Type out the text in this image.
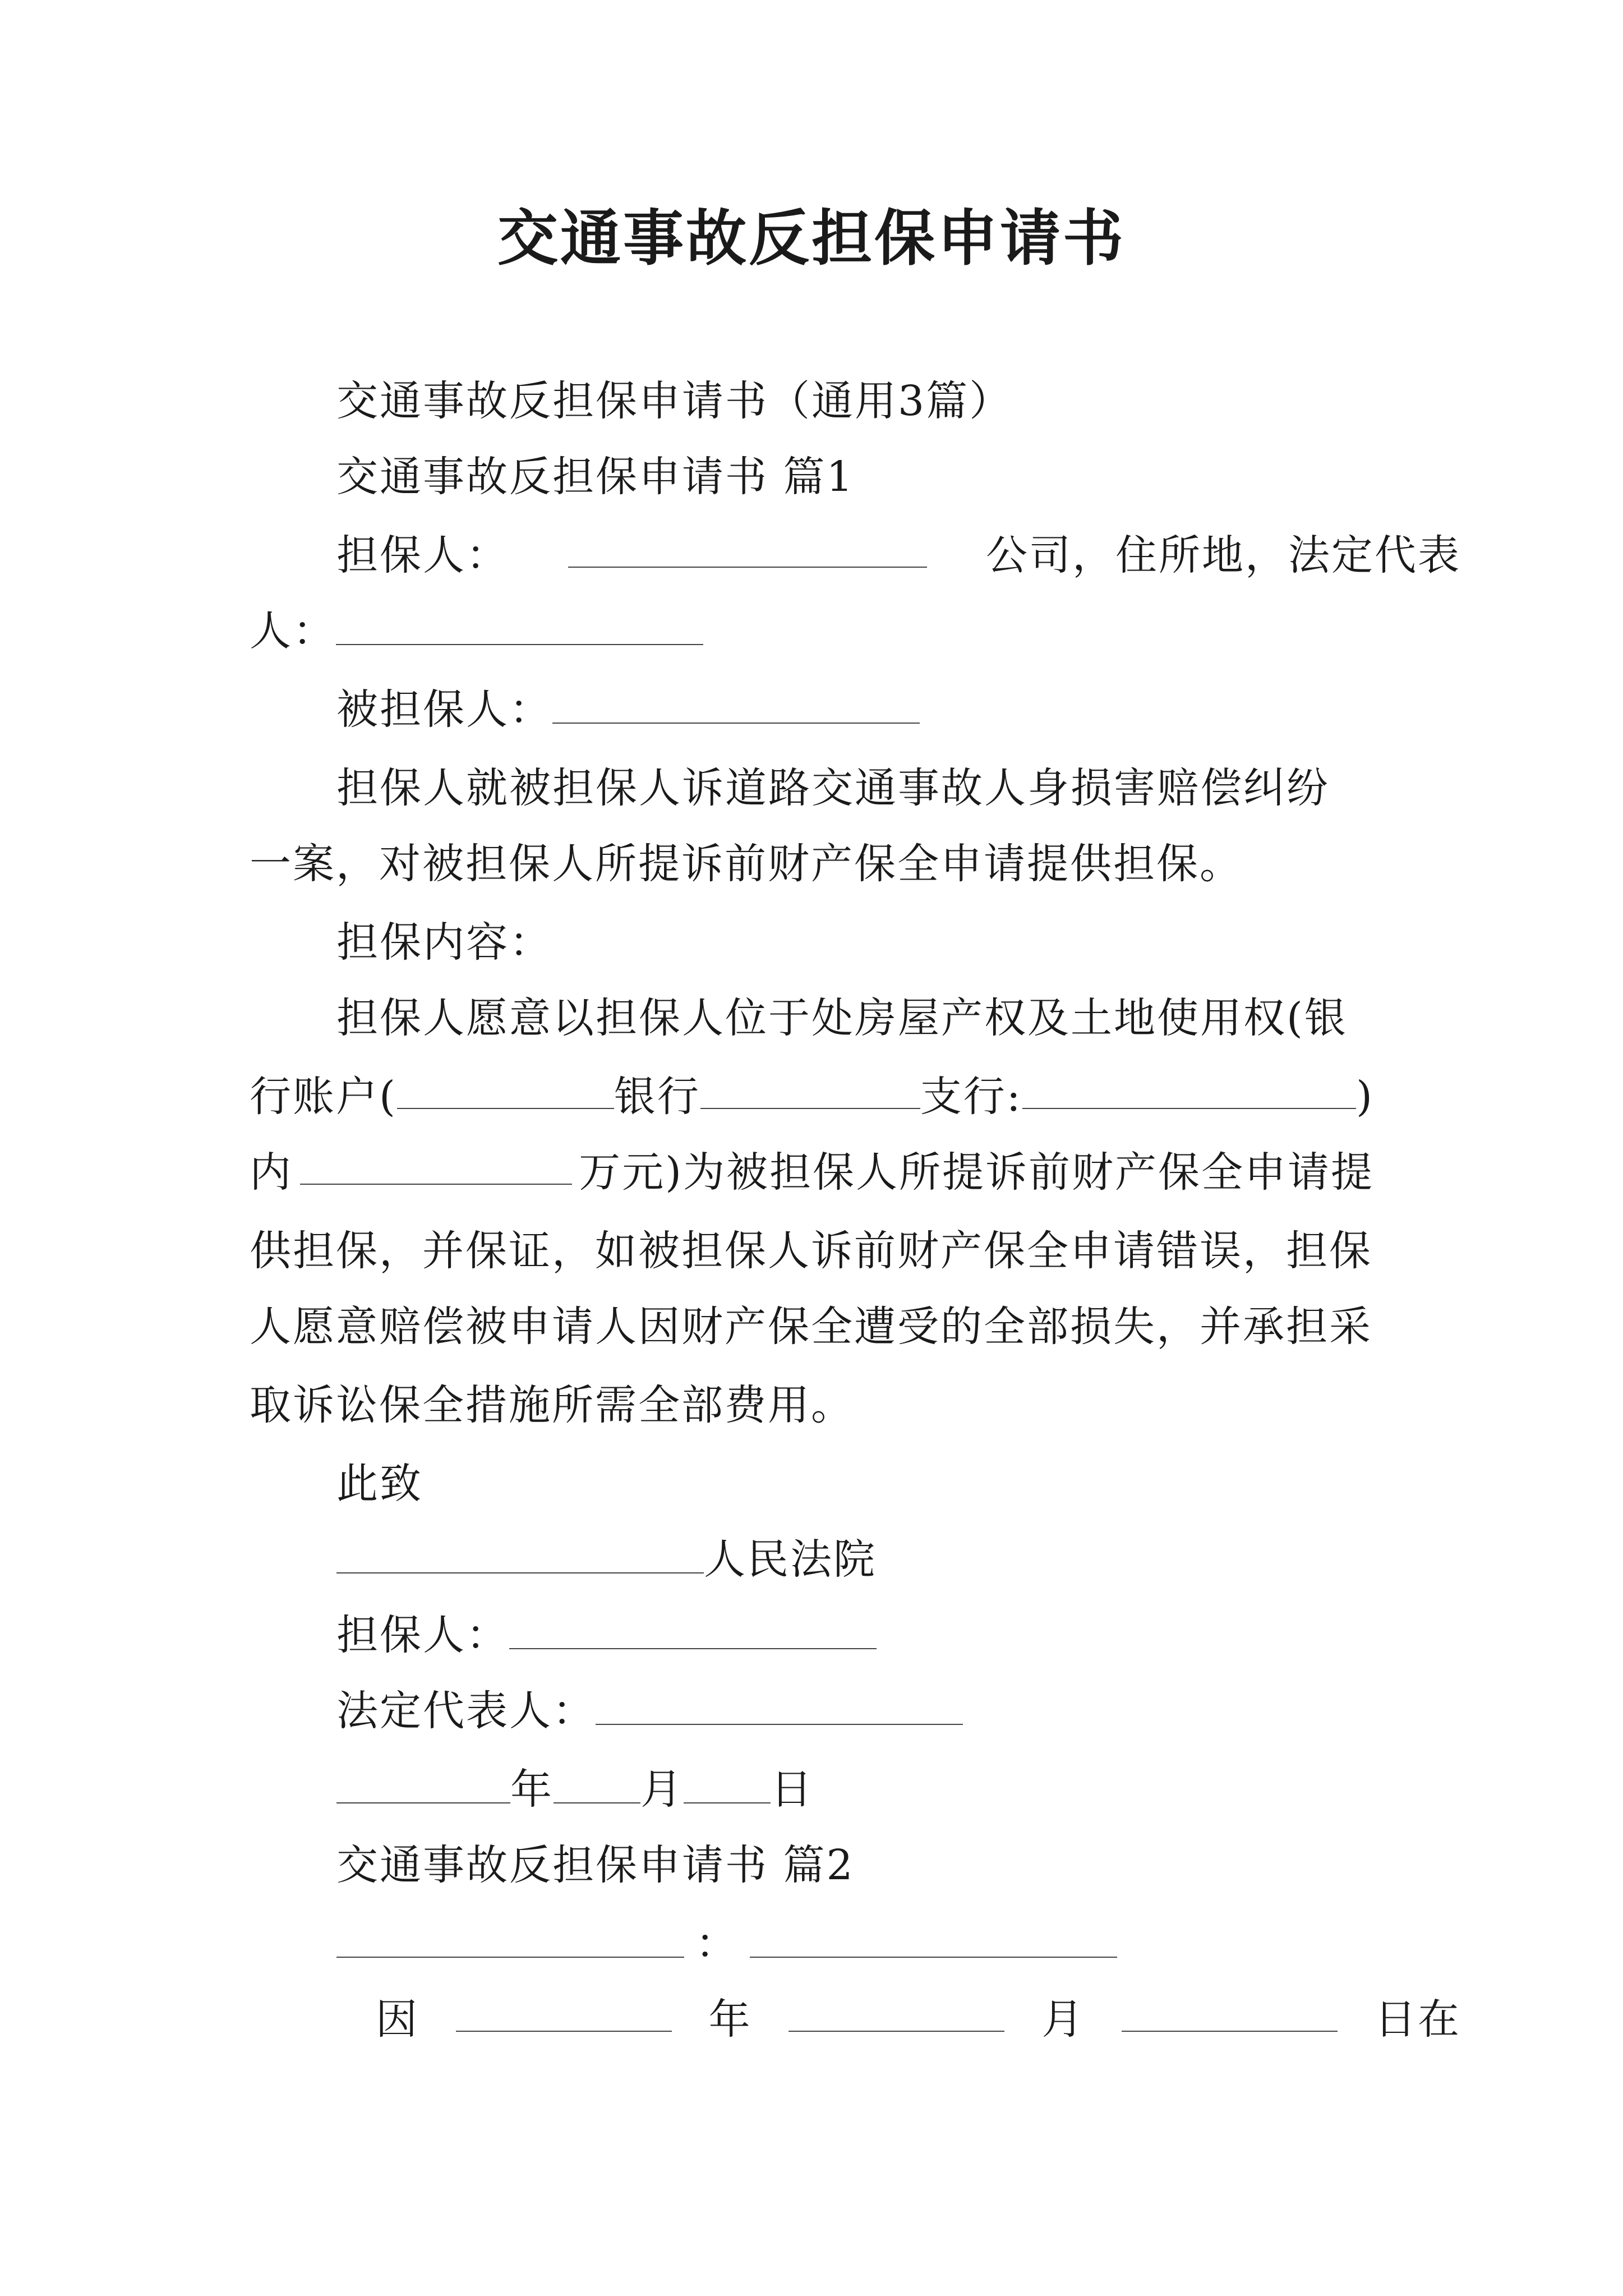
交通事故反担保申请书
交通事故反担保申请书（通用3篇）
交通事故反担保申请书 篇1
担保人：	公司，住所地，法定代表
人：
被担保人：
担保人就被担保人诉道路交通事故人身损害赔偿纠纷
一案，对被担保人所提诉前财产保全申请提供担保。
担保内容：
担保人愿意以担保人位于处房屋产权及土地使用权(银
行账户(	银行	支行:	)
内	万元)为被担保人所提诉前财产保全申请提
供担保，并保证，如被担保人诉前财产保全申请错误，担保
人愿意赔偿被申请人因财产保全遭受的全部损失，并承担采
取诉讼保全措施所需全部费用。
此致
人民法院
担保人：
法定代表人：
年 月 日
交通事故反担保申请书 篇2
：
因	年	月	日在
